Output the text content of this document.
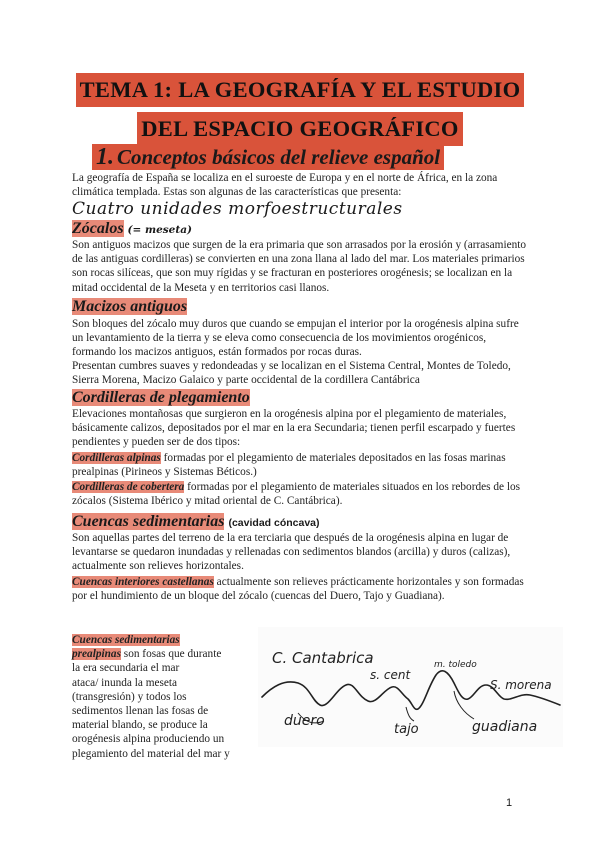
TEMA 1: LA GEOGRAFÍA Y EL ESTUDIO
DEL ESPACIO GEOGRÁFICO
1. Conceptos básicos del relieve español
La geografía de España se localiza en el suroeste de Europa y en el norte de África, en la zona climática templada. Estas son algunas de las características que presenta:
Cuatro unidades morfoestructurales
Zócalos (= meseta)
Son antiguos macizos que surgen de la era primaria que son arrasados por la erosión y (arrasamiento de las antiguas cordilleras) se convierten en una zona llana al lado del mar. Los materiales primarios son rocas silíceas, que son muy rígidas y se fracturan en posteriores orogénesis; se localizan en la mitad occidental de la Meseta y en territorios casi llanos.
Macizos antiguos
Son bloques del zócalo muy duros que cuando se empujan el interior por la orogénesis alpina sufre un levantamiento de la tierra y se eleva como consecuencia de los movimientos orogénicos, formando los macizos antiguos, están formados por rocas duras.
Presentan cumbres suaves y redondeadas y se localizan en el Sistema Central, Montes de Toledo, Sierra Morena, Macizo Galaico y parte occidental de la cordillera Cantábrica
Cordilleras de plegamiento
Elevaciones montañosas que surgieron en la orogénesis alpina por el plegamiento de materiales, básicamente calizos, depositados por el mar en la era Secundaria; tienen perfil escarpado y fuertes pendientes y pueden ser de dos tipos:
Cordilleras alpinas formadas por el plegamiento de materiales depositados en las fosas marinas prealpinas (Pirineos y Sistemas Béticos.)
Cordilleras de cobertera formadas por el plegamiento de materiales situados en los rebordes de los zócalos (Sistema Ibérico y mitad oriental de C. Cantábrica).
Cuencas sedimentarias (cavidad cóncava)
Son aquellas partes del terreno de la era terciaria que después de la orogénesis alpina en lugar de levantarse se quedaron inundadas y rellenadas con sedimentos blandos (arcilla) y duros (calizas), actualmente son relieves horizontales.
Cuencas interiores castellanas actualmente son relieves prácticamente horizontales y son formadas por el hundimiento de un bloque del zócalo (cuencas del Duero, Tajo y Guadiana).
Cuencas sedimentarias
prealpinas son fosas que durante
la era secundaria el mar
ataca/ inunda la meseta
(transgresión) y todos los
sedimentos llenan las fosas de
material blando, se produce la
orogénesis alpina produciendo un
plegamiento del material del mar y
C. Cantabrica
s. cent
m. toledo
S. morena
duero
tajo	guadiana
1
